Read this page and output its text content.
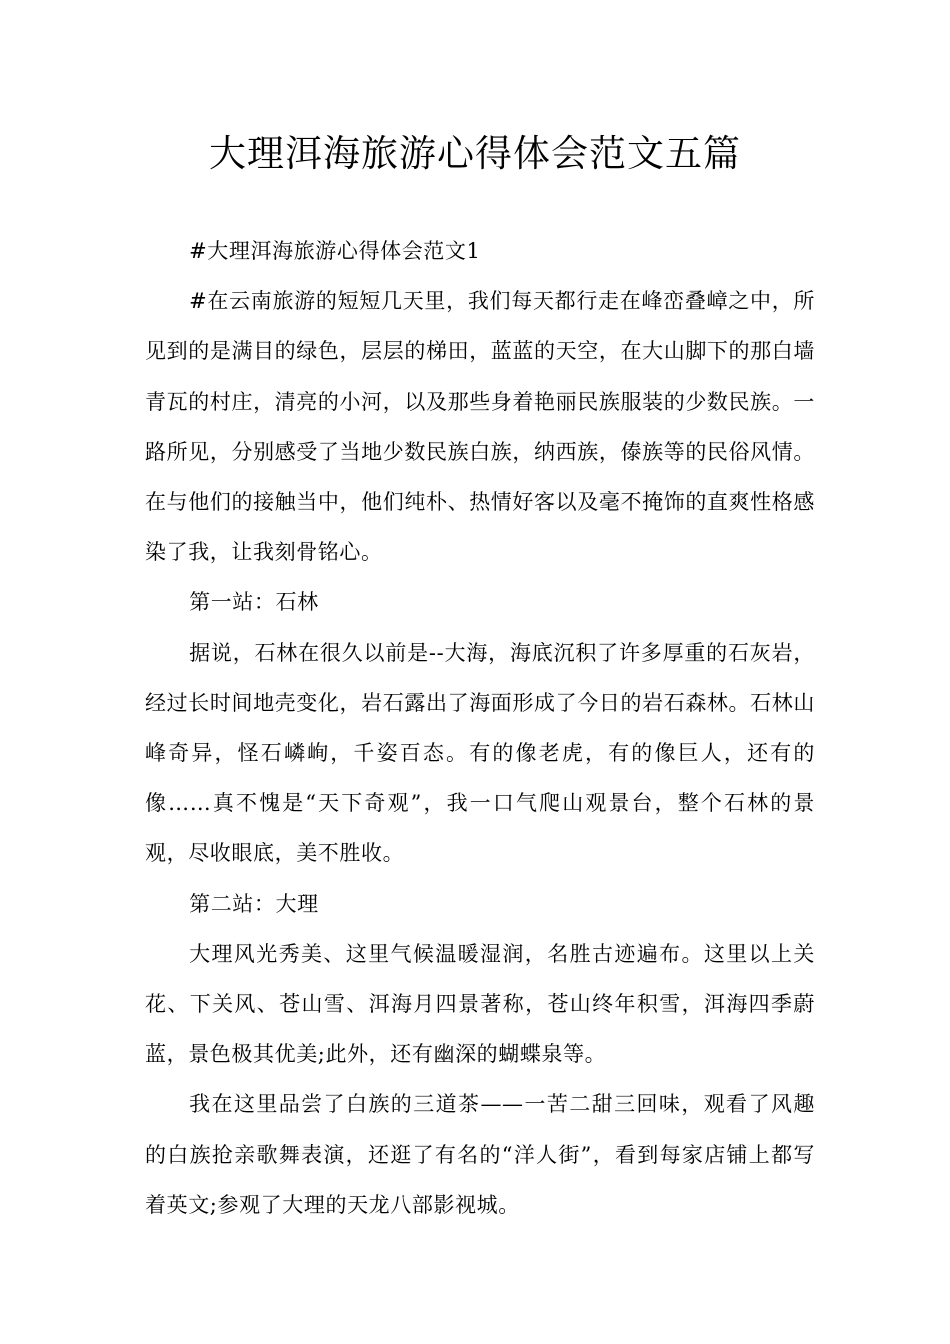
大理洱海旅游心得体会范文五篇

#大理洱海旅游心得体会范文1

#在云南旅游的短短几天里，我们每天都行走在峰峦叠嶂之中，所见到的是满目的绿色，层层的梯田，蓝蓝的天空，在大山脚下的那白墙青瓦的村庄，清亮的小河，以及那些身着艳丽民族服装的少数民族。一路所见，分别感受了当地少数民族白族，纳西族，傣族等的民俗风情。在与他们的接触当中，他们纯朴、热情好客以及毫不掩饰的直爽性格感染了我，让我刻骨铭心。

第一站：石林

据说，石林在很久以前是--大海，海底沉积了许多厚重的石灰岩，经过长时间地壳变化，岩石露出了海面形成了今日的岩石森林。石林山峰奇异，怪石嶙峋，千姿百态。有的像老虎，有的像巨人，还有的像……真不愧是“天下奇观”，我一口气爬山观景台，整个石林的景观，尽收眼底，美不胜收。

第二站：大理

大理风光秀美、这里气候温暖湿润，名胜古迹遍布。这里以上关花、下关风、苍山雪、洱海月四景著称，苍山终年积雪，洱海四季蔚蓝，景色极其优美;此外，还有幽深的蝴蝶泉等。

我在这里品尝了白族的三道茶——一苦二甜三回味，观看了风趣的白族抢亲歌舞表演，还逛了有名的“洋人街”，看到每家店铺上都写着英文;参观了大理的天龙八部影视城。
